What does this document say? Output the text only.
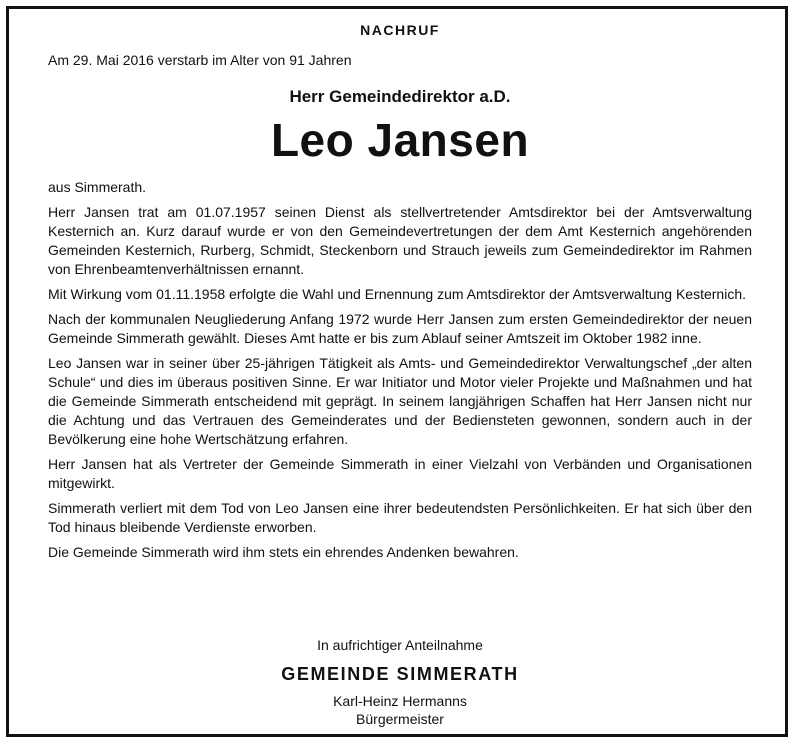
NACHRUF
Am 29. Mai 2016 verstarb im Alter von 91 Jahren
Herr Gemeindedirektor a.D.
Leo Jansen

aus Simmerath.

Herr Jansen trat am 01.07.1957 seinen Dienst als stellvertretender Amtsdirektor bei der Amtsverwaltung Kesternich an. Kurz darauf wurde er von den Gemeindevertretungen der dem Amt Kesternich angehörenden Gemeinden Kesternich, Rurberg, Schmidt, Steckenborn und Strauch jeweils zum Gemeindedirektor im Rahmen von Ehrenbeamtenverhältnissen ernannt.

Mit Wirkung vom 01.11.1958 erfolgte die Wahl und Ernennung zum Amtsdirektor der Amtsverwaltung Kesternich.

Nach der kommunalen Neugliederung Anfang 1972 wurde Herr Jansen zum ersten Gemeindedirektor der neuen Gemeinde Simmerath gewählt. Dieses Amt hatte er bis zum Ablauf seiner Amtszeit im Oktober 1982 inne.

Leo Jansen war in seiner über 25-jährigen Tätigkeit als Amts- und Gemeindedirektor Verwaltungschef „der alten Schule“ und dies im überaus positiven Sinne. Er war Initiator und Motor vieler Projekte und Maßnahmen und hat die Gemeinde Simmerath entscheidend mit geprägt. In seinem langjährigen Schaffen hat Herr Jansen nicht nur die Achtung und das Vertrauen des Gemeinderates und der Bediensteten gewonnen, sondern auch in der Bevölkerung eine hohe Wertschätzung erfahren.

Herr Jansen hat als Vertreter der Gemeinde Simmerath in einer Vielzahl von Verbänden und Organisationen mitgewirkt.

Simmerath verliert mit dem Tod von Leo Jansen eine ihrer bedeutendsten Persönlichkeiten. Er hat sich über den Tod hinaus bleibende Verdienste erworben.

Die Gemeinde Simmerath wird ihm stets ein ehrendes Andenken bewahren.

In aufrichtiger Anteilnahme
GEMEINDE SIMMERATH
Karl-Heinz Hermanns
Bürgermeister
